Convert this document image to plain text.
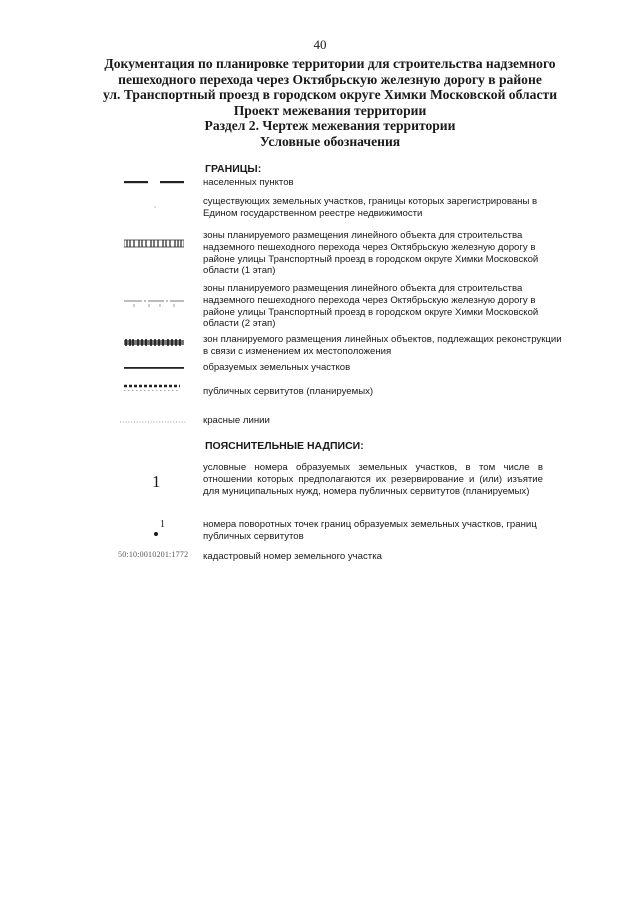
40
Документация по планировке территории для строительства надземного
пешеходного перехода через Октябрьскую железную дорогу в районе
ул. Транспортный проезд в городском округе Химки Московской области
Проект межевания территории
Раздел 2. Чертеж межевания территории
Условные обозначения
ГРАНИЦЫ:
населенных пунктов
существующих земельных участков, границы которых зарегистрированы в Едином государственном реестре недвижимости
зоны планируемого размещения линейного объекта для строительства надземного пешеходного перехода через Октябрьскую железную дорогу в районе улицы Транспортный проезд в городском округе Химки Московской области (1 этап)
зоны планируемого размещения линейного объекта для строительства надземного пешеходного перехода через Октябрьскую железную дорогу в районе улицы Транспортный проезд в городском округе Химки Московской области (2 этап)
зон планируемого размещения линейных объектов, подлежащих реконструкции в связи с изменением их местоположения
образуемых земельных участков
публичных сервитутов (планируемых)
красные линии
ПОЯСНИТЕЛЬНЫЕ НАДПИСИ:
1
условные номера образуемых земельных участков, в том числе в отношении которых предполагаются их резервирование и (или) изъятие для муниципальных нужд, номера публичных сервитутов (планируемых)
1	номера поворотных точек границ образуемых земельных участков, границ публичных сервитутов
50:10:0010201:1772 кадастровый номер земельного участка
